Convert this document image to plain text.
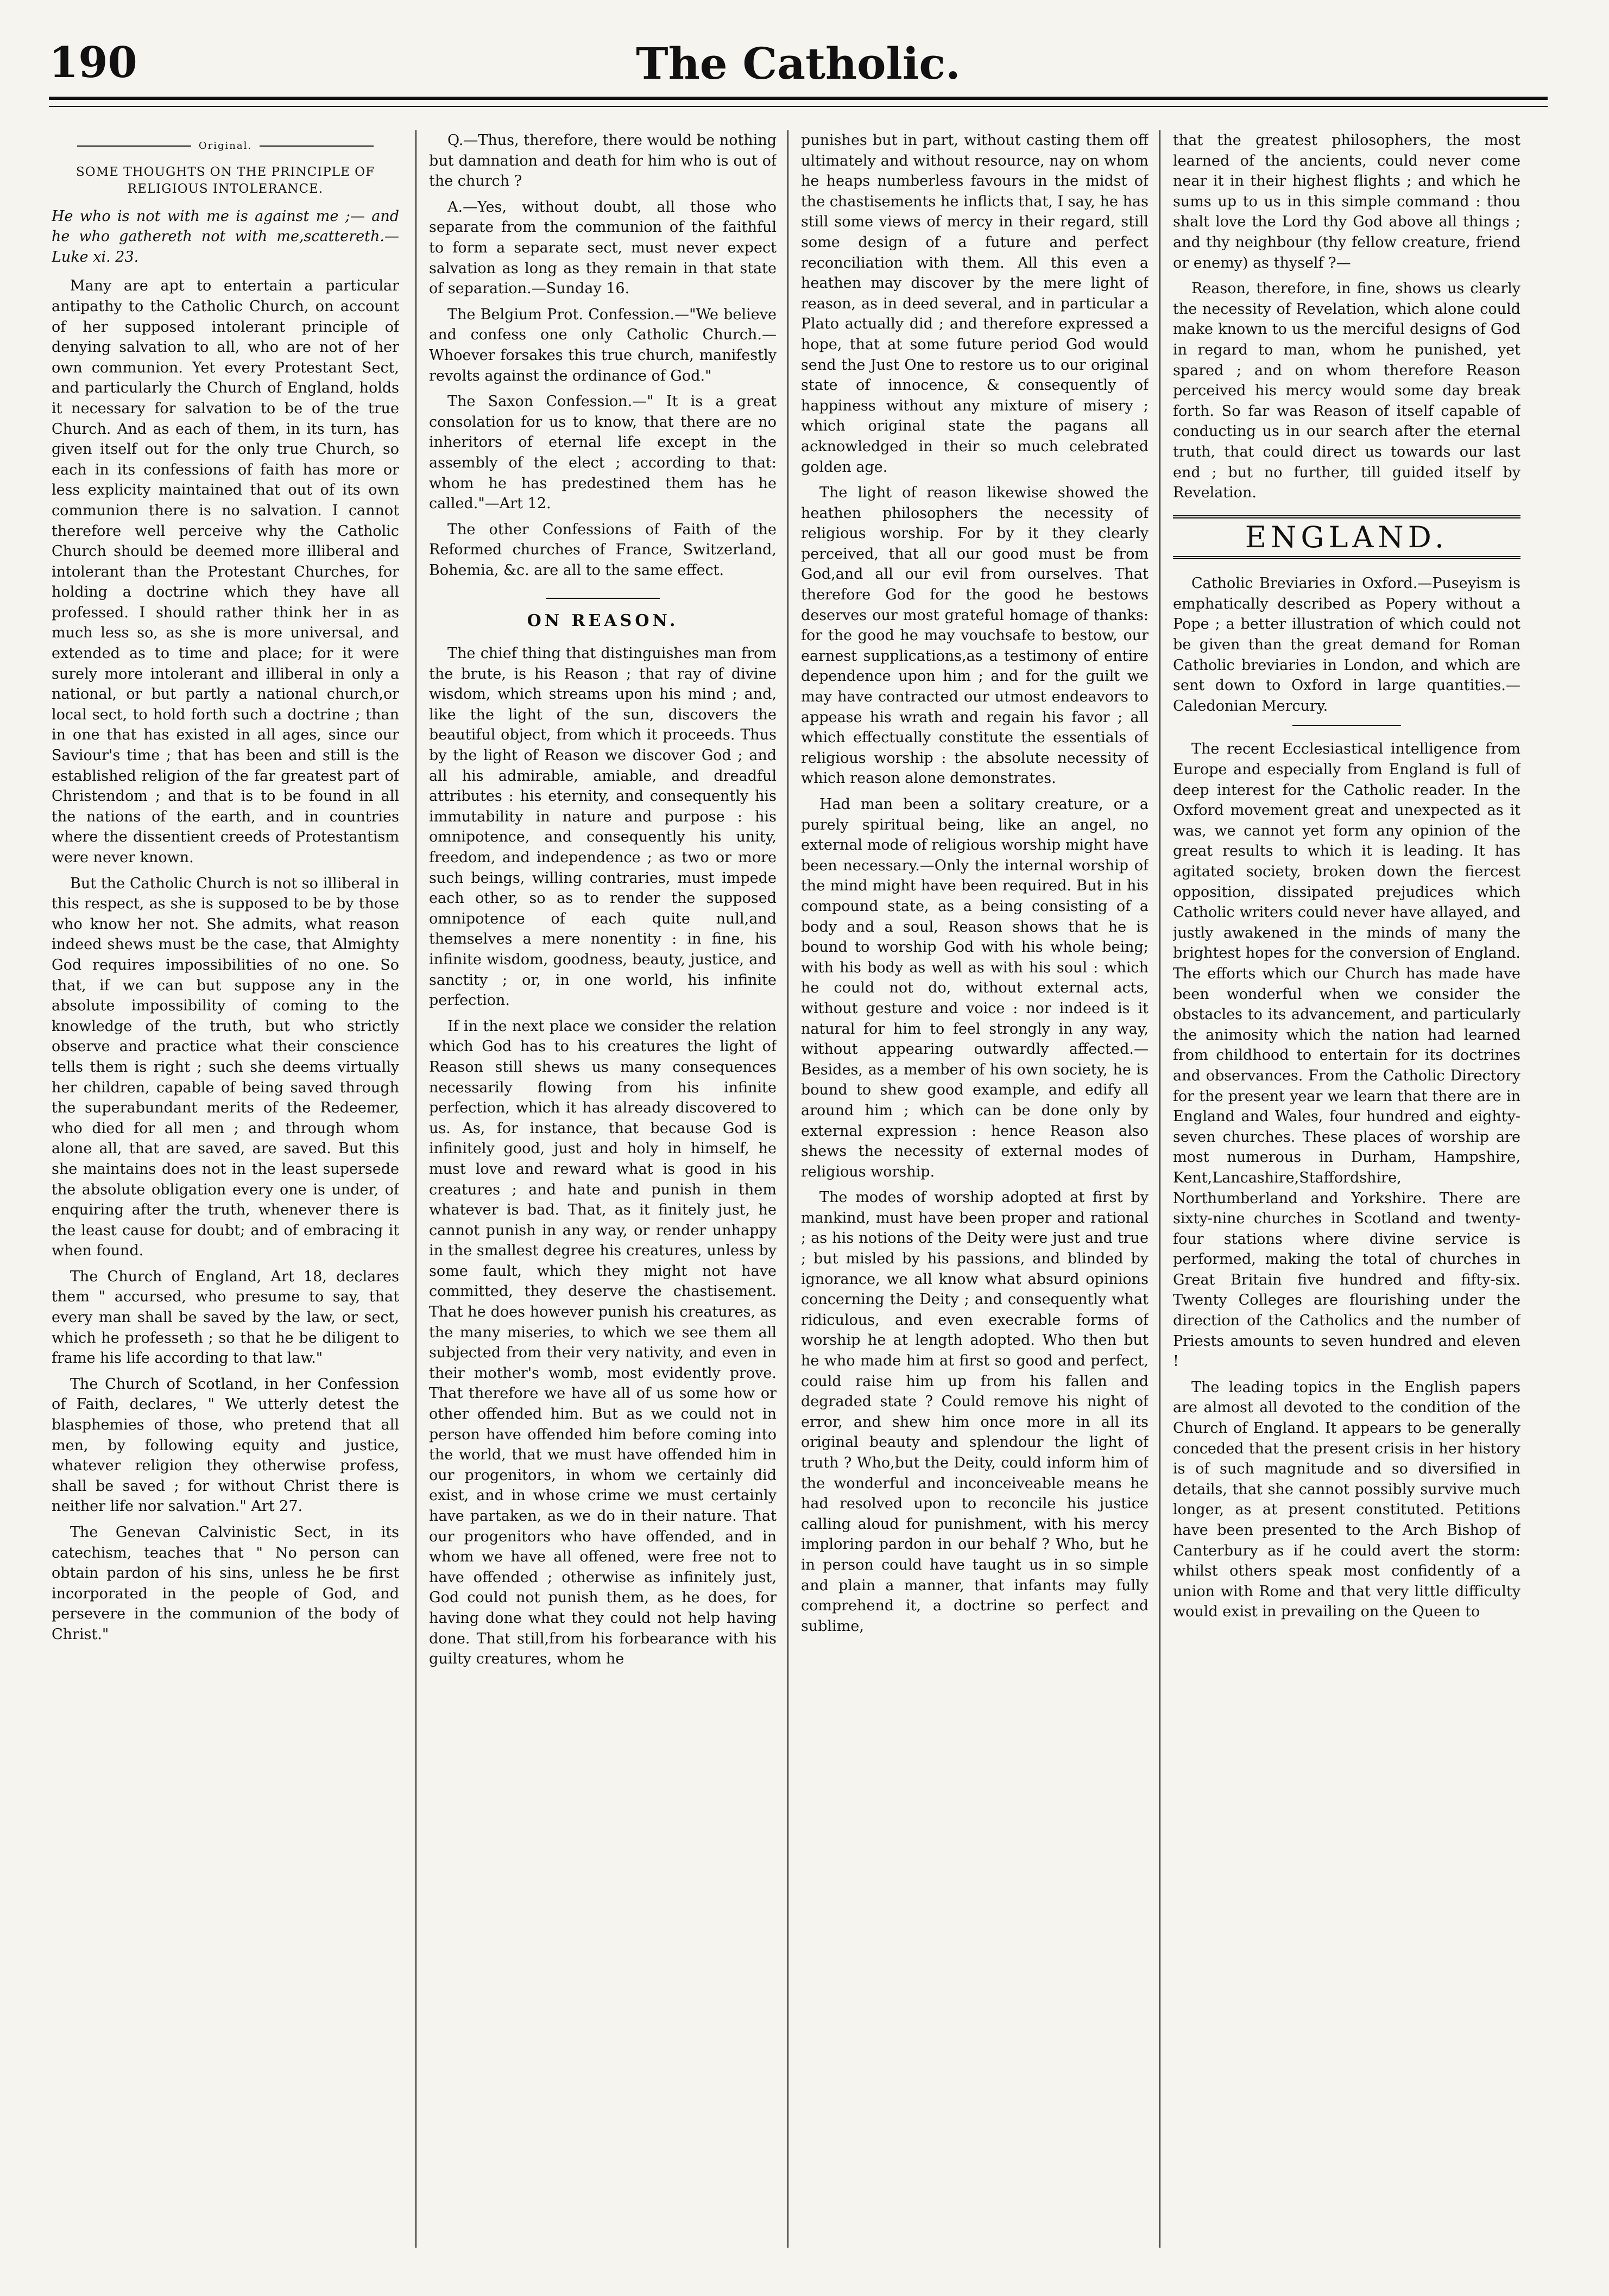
190	The Catholic.
Original.
SOME THOUGHTS ON THE PRINCIPLE OF RELIGIOUS INTOLERANCE.

He who is not with me is against me ;— and he who gathereth not with me,scattereth.—Luke xi. 23.

Many are apt to entertain a particular antipathy to the Catholic Church, on account of her supposed intolerant principle of denying salvation to all, who are not of her own communion. Yet every Protestant Sect, and particularly the Church of England, holds it necessary for salvation to be of the true Church. And as each of them, in its turn, has given itself out for the only true Church, so each in its confessions of faith has more or less explicity maintained that out of its own communion there is no salvation. I cannot therefore well perceive why the Catholic Church should be deemed more illiberal and intolerant than the Protestant Churches, for holding a doctrine which they have all professed. I should rather think her in as much less so, as she is more universal, and extended as to time and place; for it were surely more intolerant and illiberal in only a national, or but partly a national church,or local sect, to hold forth such a doctrine ; than in one that has existed in all ages, since our Saviour's time ; that has been and still is the established religion of the far greatest part of Christendom ; and that is to be found in all the nations of the earth, and in countries where the dissentient creeds of Protestantism were never known.

But the Catholic Church is not so illiberal in this respect, as she is supposed to be by those who know her not. She admits, what reason indeed shews must be the case, that Almighty God requires impossibilities of no one. So that, if we can but suppose any in the absolute impossibility of coming to the knowledge of the truth, but who strictly observe and practice what their conscience tells them is right ; such she deems virtually her children, capable of being saved through the superabundant merits of the Redeemer, who died for all men ; and through whom alone all, that are saved, are saved. But this she maintains does not in the least supersede the absolute obligation every one is under, of enquiring after the truth, whenever there is the least cause for doubt; and of embracing it when found.

The Church of England, Art 18, declares them " accursed, who presume to say, that every man shall be saved by the law, or sect, which he professeth ; so that he be diligent to frame his life according to that law."

The Church of Scotland, in her Confession of Faith, declares, " We utterly detest the blasphemies of those, who pretend that all men, by following equity and justice, whatever religion they otherwise profess, shall be saved ; for without Christ there is neither life nor salvation." Art 27.

The Genevan Calvinistic Sect, in its catechism, teaches that " No person can obtain pardon of his sins, unless he be first incorporated in the people of God, and persevere in the communion of the body of Christ."

Q.—Thus, therefore, there would be nothing but damnation and death for him who is out of the church ?

A.—Yes, without doubt, all those who separate from the communion of the faithful to form a separate sect, must never expect salvation as long as they remain in that state of separation.—Sunday 16.

The Belgium Prot. Confession.—"We believe and confess one only Catholic Church.—Whoever forsakes this true church, manifestly revolts against the ordinance of God."

The Saxon Confession.—" It is a great consolation for us to know, that there are no inheritors of eternal life except in the assembly of the elect ; according to that: whom he has predestined them has he called."—Art 12.

The other Confessions of Faith of the Reformed churches of France, Switzerland, Bohemia, &c. are all to the same effect.

ON REASON.

The chief thing that distinguishes man from the brute, is his Reason ; that ray of divine wisdom, which streams upon his mind ; and, like the light of the sun, discovers the beautiful object, from which it proceeds. Thus by the light of Reason we discover God ; and all his admirable, amiable, and dreadful attributes : his eternity, and consequently his immutability in nature and purpose : his omnipotence, and consequently his unity, freedom, and independence ; as two or more such beings, willing contraries, must impede each other, so as to render the supposed omnipotence of each quite null,and themselves a mere nonentity : in fine, his infinite wisdom, goodness, beauty, justice, and sanctity ; or, in one world, his infinite perfection.

If in the next place we consider the relation which God has to his creatures the light of Reason still shews us many consequences necessarily flowing from his infinite perfection, which it has already discovered to us. As, for instance, that because God is infinitely good, just and holy in himself, he must love and reward what is good in his creatures ; and hate and punish in them whatever is bad. That, as it finitely just, he cannot punish in any way, or render unhappy in the smallest degree his creatures, unless by some fault, which they might not have committed, they deserve the chastisement. That he does however punish his creatures, as the many miseries, to which we see them all subjected from their very nativity, and even in their mother's womb, most evidently prove. That therefore we have all of us some how or other offended him. But as we could not in person have offended him before coming into the world, that we must have offended him in our progenitors, in whom we certainly did exist, and in whose crime we must certainly have partaken, as we do in their nature. That our progenitors who have offended, and in whom we have all offened, were free not to have offended ; otherwise as infinitely just, God could not punish them, as he does, for having done what they could not help having done. That still,from his forbearance with his guilty creatures, whom he

punishes but in part, without casting them off ultimately and without resource, nay on whom he heaps numberless favours in the midst of the chastisements he inflicts that, I say, he has still some views of mercy in their regard, still some design of a future and perfect reconciliation with them. All this even a heathen may discover by the mere light of reason, as in deed several, and in particular a Plato actually did ; and therefore expressed a hope, that at some future period God would send the Just One to restore us to our original state of innocence, & consequently of happiness without any mixture of misery ; which original state the pagans all acknowledged in their so much celebrated golden age.

The light of reason likewise showed the heathen philosophers the necessity of religious worship. For by it they clearly perceived, that all our good must be from God,and all our evil from ourselves. That therefore God for the good he bestows deserves our most grateful homage of thanks: for the good he may vouchsafe to bestow, our earnest supplications,as a testimony of entire dependence upon him ; and for the guilt we may have contracted our utmost endeavors to appease his wrath and regain his favor ; all which effectually constitute the essentials of religious worship : the absolute necessity of which reason alone demonstrates.

Had man been a solitary creature, or a purely spiritual being, like an angel, no external mode of religious worship might have been necessary.—Only the internal worship of the mind might have been required. But in his compound state, as a being consisting of a body and a soul, Reason shows that he is bound to worship God with his whole being; with his body as well as with his soul : which he could not do, without external acts, without gesture and voice : nor indeed is it natural for him to feel strongly in any way, without appearing outwardly affected.—Besides, as a member of his own society, he is bound to shew good example, and edify all around him ; which can be done only by external expression : hence Reason also shews the necessity of external modes of religious worship.

The modes of worship adopted at first by mankind, must have been proper and rational ; as his notions of the Deity were just and true ; but misled by his passions, and blinded by ignorance, we all know what absurd opinions concerning the Deity ; and consequently what ridiculous, and even execrable forms of worship he at length adopted. Who then but he who made him at first so good and perfect, could raise him up from his fallen and degraded state ? Could remove his night of error, and shew him once more in all its original beauty and splendour the light of truth ? Who,but the Deity, could inform him of the wonderful and inconceiveable means he had resolved upon to reconcile his justice calling aloud for punishment, with his mercy imploring pardon in our behalf ? Who, but he in person could have taught us in so simple and plain a manner, that infants may fully comprehend it, a doctrine so perfect and sublime,

that the greatest philosophers, the most learned of the ancients, could never come near it in their highest flights ; and which he sums up to us in this simple command : thou shalt love the Lord thy God above all things ; and thy neighbour (thy fellow creature, friend or enemy) as thyself ?—

Reason, therefore, in fine, shows us clearly the necessity of Revelation, which alone could make known to us the merciful designs of God in regard to man, whom he punished, yet spared ; and on whom therefore Reason perceived his mercy would some day break forth. So far was Reason of itself capable of conducting us in our search after the eternal truth, that could direct us towards our last end ; but no further, till guided itself by Revelation.

ENGLAND.

Catholic Breviaries in Oxford.—Puseyism is emphatically described as Popery without a Pope ; a better illustration of which could not be given than the great demand for Roman Catholic breviaries in London, and which are sent down to Oxford in large quantities.—Caledonian Mercury.

The recent Ecclesiastical intelligence from Europe and especially from England is full of deep interest for the Catholic reader. In the Oxford movement great and unexpected as it was, we cannot yet form any opinion of the great results to which it is leading. It has agitated society, broken down the fiercest opposition, dissipated prejudices which Catholic writers could never have allayed, and justly awakened in the minds of many the brightest hopes for the conversion of England. The efforts which our Church has made have been wonderful when we consider the obstacles to its advancement, and particularly the animosity which the nation had learned from childhood to entertain for its doctrines and observances. From the Catholic Directory for the present year we learn that there are in England and Wales, four hundred and eighty-seven churches. These places of worship are most numerous in Durham, Hampshire, Kent,Lancashire,Staffordshire, Northumberland and Yorkshire. There are sixty-nine churches in Scotland and twenty-four stations where divine service is performed, making the total of churches in Great Britain five hundred and fifty-six. Twenty Colleges are flourishing under the direction of the Catholics and the number of Priests amounts to seven hundred and eleven !

The leading topics in the English papers are almost all devoted to the condition of the Church of England. It appears to be generally conceded that the present crisis in her history is of such magnitude and so diversified in details, that she cannot possibly survive much longer, as at present constituted. Petitions have been presented to the Arch Bishop of Canterbury as if he could avert the storm: whilst others speak most confidently of a union with Rome and that very little difficulty would exist in prevailing on the Queen to
